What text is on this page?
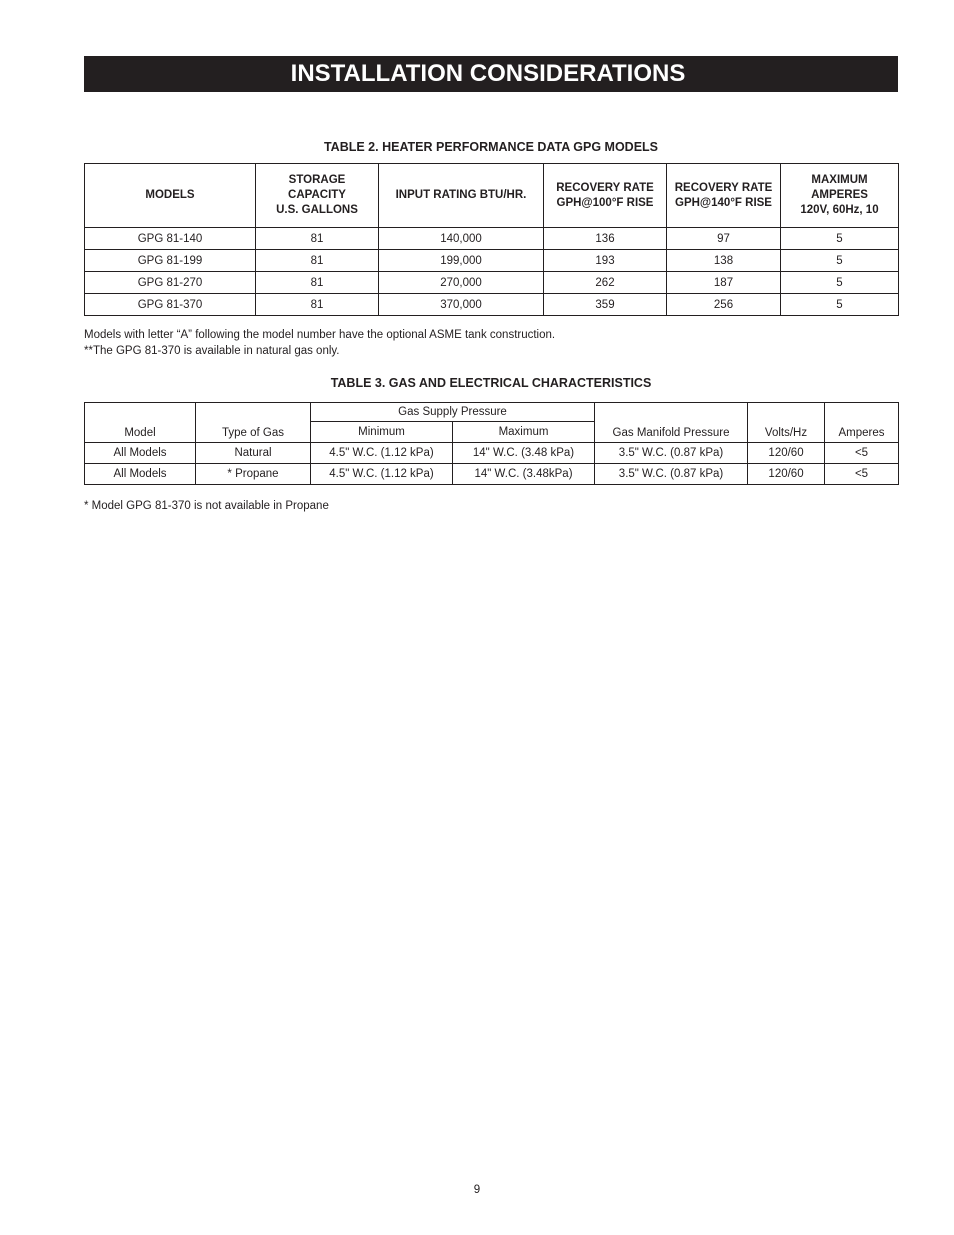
INSTALLATION CONSIDERATIONS
TABLE 2. HEATER PERFORMANCE DATA GPG MODELS
MODELS	STORAGE
CAPACITY
U.S. GALLONS	INPUT RATING BTU/HR.	RECOVERY RATE
GPH@100°F RISE	RECOVERY RATE
GPH@140°F RISE	MAXIMUM
AMPERES
120V, 60Hz, 10
GPG 81-140	81	140,000	136	97	5
GPG 81-199	81	199,000	193	138	5
GPG 81-270	81	270,000	262	187	5
GPG 81-370	81	370,000	359	256	5
Models with letter “A” following the model number have the optional ASME tank construction.
**The GPG 81-370 is available in natural gas only.
TABLE 3. GAS AND ELECTRICAL CHARACTERISTICS
Model	Type of Gas	Gas Supply Pressure		Gas Manifold Pressure	Volts/Hz	Amperes
		Minimum	Maximum			
All Models	Natural	4.5" W.C. (1.12 kPa)	14" W.C. (3.48 kPa)	3.5" W.C. (0.87 kPa)	120/60	<5
All Models	* Propane	4.5" W.C. (1.12 kPa)	14" W.C. (3.48kPa)	3.5" W.C. (0.87 kPa)	120/60	<5
* Model GPG 81-370 is not available in Propane
9
